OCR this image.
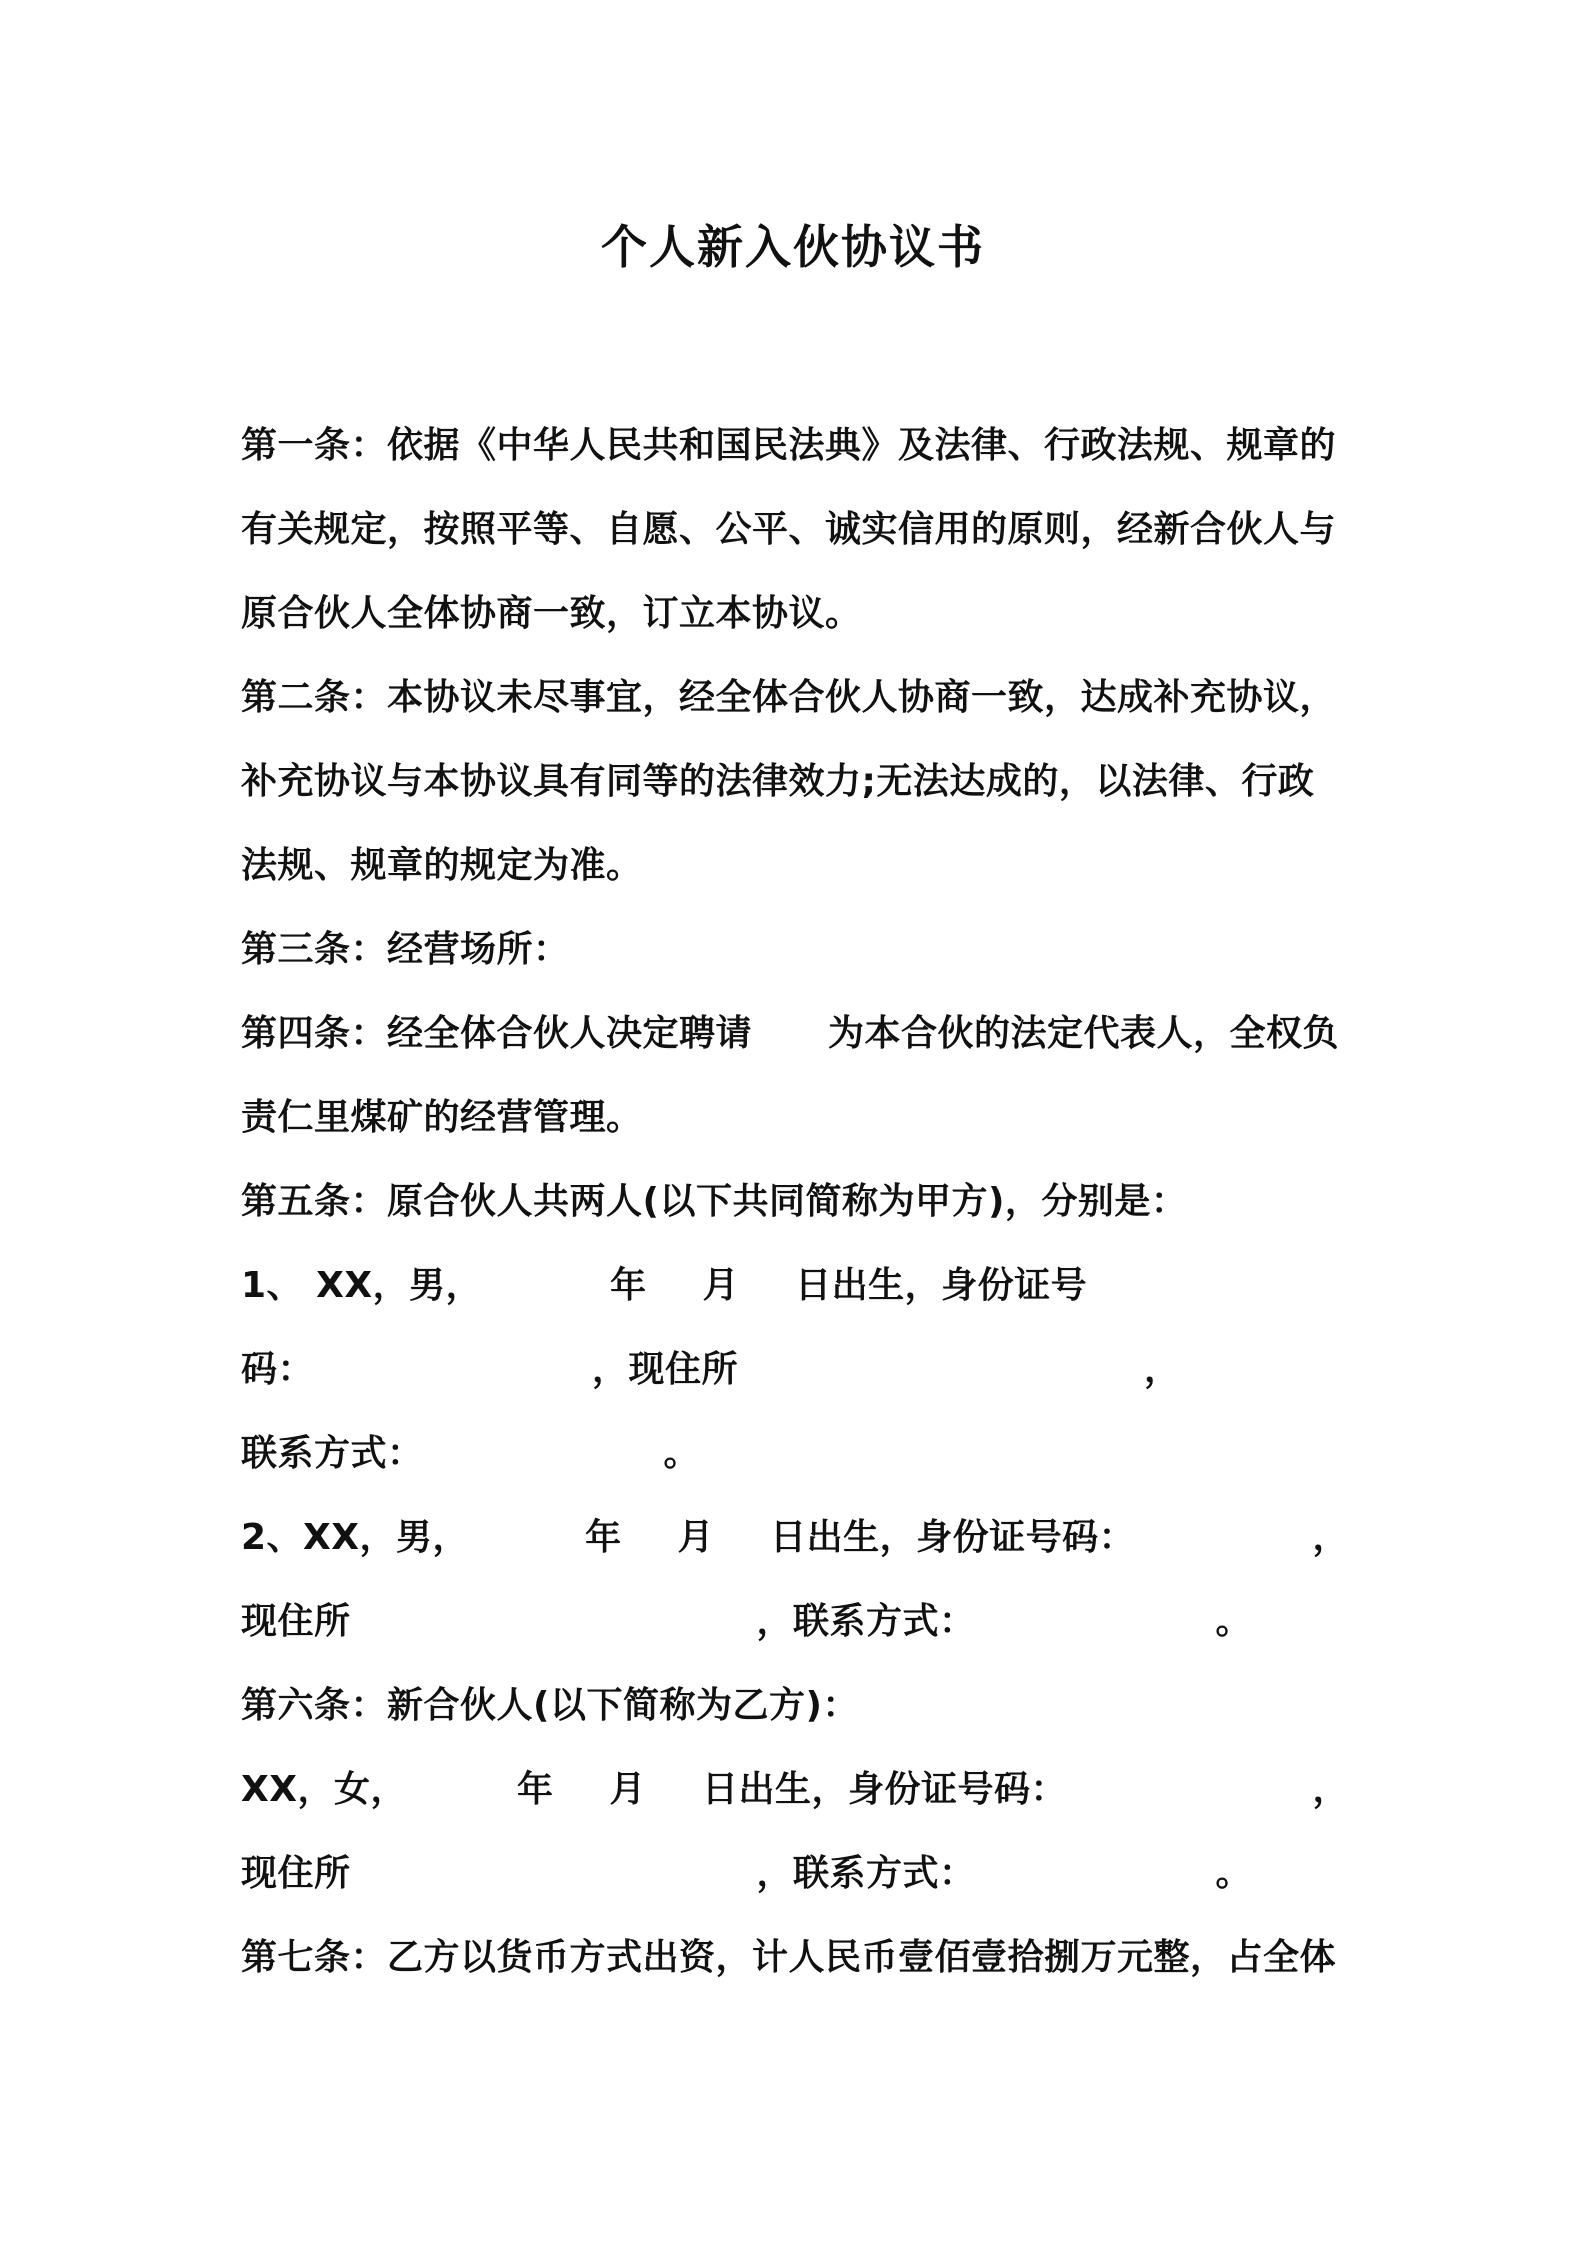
个人新入伙协议书
第一条：依据《中华人民共和国民法典》及法律、行政法规、规章的
有关规定，按照平等、自愿、公平、诚实信用的原则，经新合伙人与
原合伙人全体协商一致，订立本协议。
第二条：本协议未尽事宜，经全体合伙人协商一致，达成补充协议，
补充协议与本协议具有同等的法律效力;无法达成的，以法律、行政
法规、规章的规定为准。
第三条：经营场所：
第四条：经全体合伙人决定聘请 为本合伙的法定代表人，全权负
责仁里煤矿的经营管理。
第五条：原合伙人共两人(以下共同简称为甲方)，分别是：
1、 XX，男，	年 月 日出生，身份证号
码：	，现住所	，
联系方式：	。
2、XX，男，	年 月 日出生，身份证号码：	，
现住所	，联系方式：	。
第六条：新合伙人(以下简称为乙方)：
XX，女，	年 月 日出生，身份证号码：	，
现住所	，联系方式：	。
第七条：乙方以货币方式出资，计人民币壹佰壹拾捌万元整，占全体
